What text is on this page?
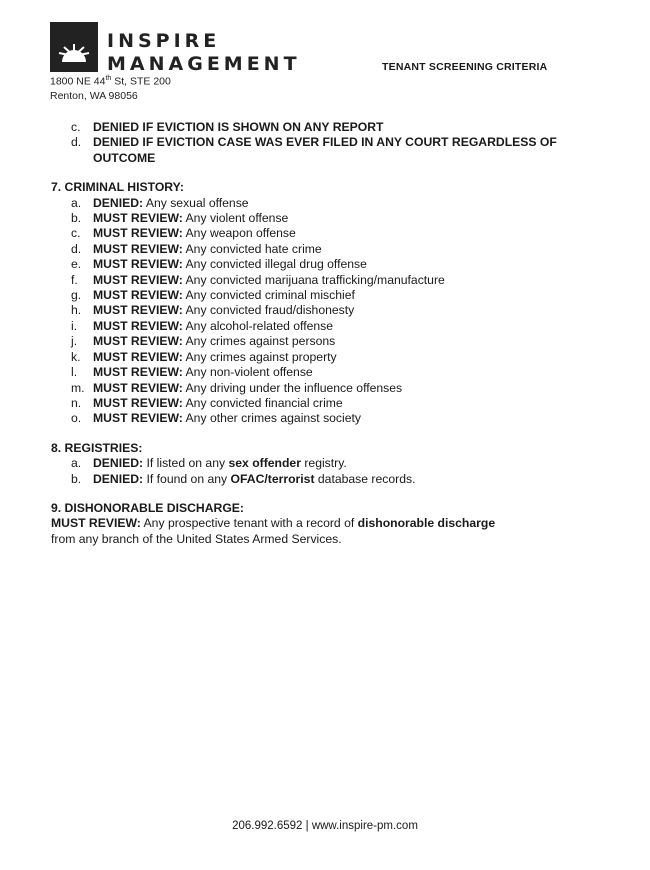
INSPIRE
MANAGEMENT
1800 NE 44th St, STE 200
Renton, WA 98056
TENANT SCREENING CRITERIA
c.	DENIED IF EVICTION IS SHOWN ON ANY REPORT
d. DENIED IF EVICTION CASE WAS EVER FILED IN ANY COURT REGARDLESS OF OUTCOME
7. CRIMINAL HISTORY:
a. DENIED: Any sexual offense
b. MUST REVIEW: Any violent offense
c.	MUST REVIEW: Any weapon offense
d. MUST REVIEW: Any convicted hate crime
e. MUST REVIEW: Any convicted illegal drug offense
f.	MUST REVIEW: Any convicted marijuana trafficking/manufacture
g. MUST REVIEW: Any convicted criminal mischief
h. MUST REVIEW: Any convicted fraud/dishonesty
i.	MUST REVIEW: Any alcohol-related offense
j.	MUST REVIEW: Any crimes against persons
k.	MUST REVIEW: Any crimes against property
l.	MUST REVIEW: Any non-violent offense
m. MUST REVIEW: Any driving under the influence offenses
n. MUST REVIEW: Any convicted financial crime
o. MUST REVIEW: Any other crimes against society
8. REGISTRIES:
a. DENIED: If listed on any sex offender registry.
b. DENIED: If found on any OFAC/terrorist database records.
9. DISHONORABLE DISCHARGE:

MUST REVIEW: Any prospective tenant with a record of dishonorable discharge from any branch of the United States Armed Services.

206.992.6592 | www.inspire-pm.com
